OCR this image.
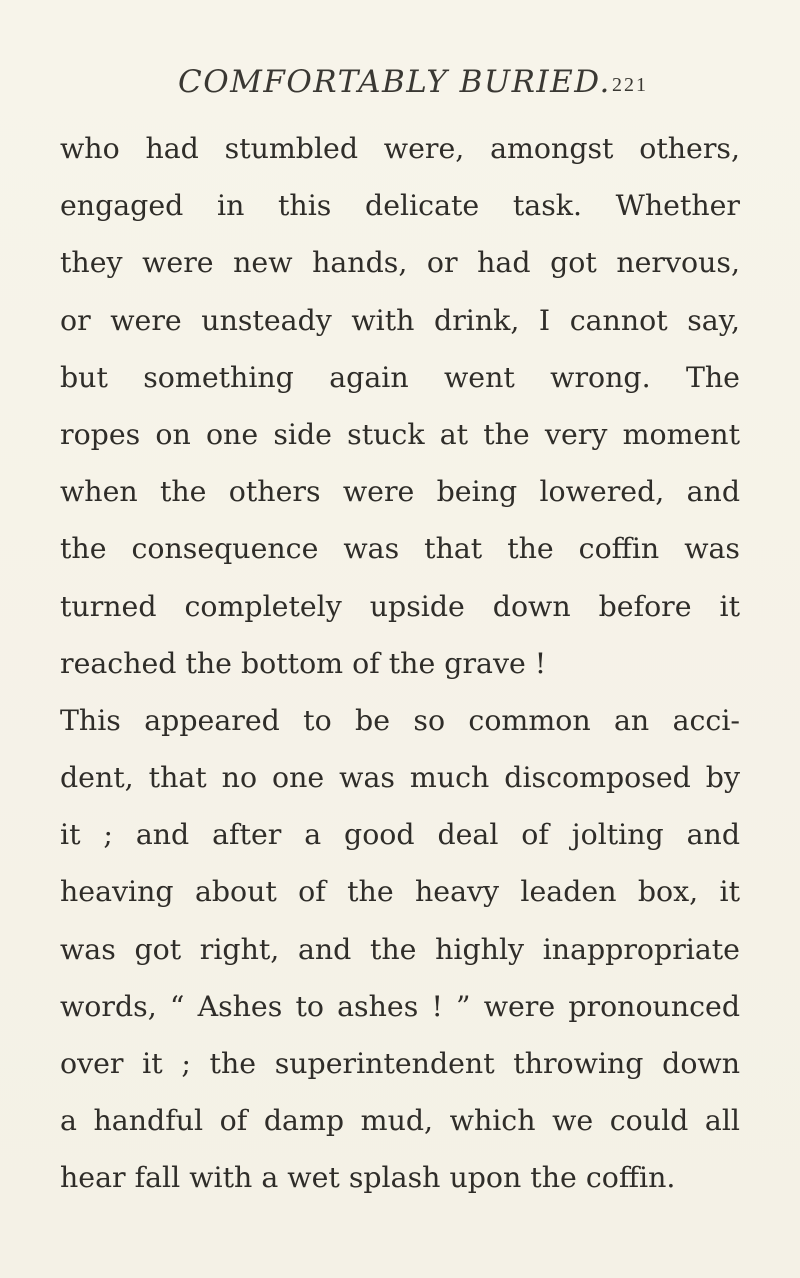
COMFORTABLY BURIED. 221
who had stumbled were, amongst others,
engaged in this delicate task. Whether
they were new hands, or had got nervous,
or were unsteady with drink, I cannot say,
but something again went wrong. The
ropes on one side stuck at the very moment
when the others were being lowered, and
the consequence was that the coffin was
turned completely upside down before it
reached the bottom of the grave !
This appeared to be so common an acci-
dent, that no one was much discomposed by
it ; and after a good deal of jolting and
heaving about of the heavy leaden box, it
was got right, and the highly inappropriate
words, “ Ashes to ashes ! ” were pronounced
over it ; the superintendent throwing down
a handful of damp mud, which we could all
hear fall with a wet splash upon the coffin.
